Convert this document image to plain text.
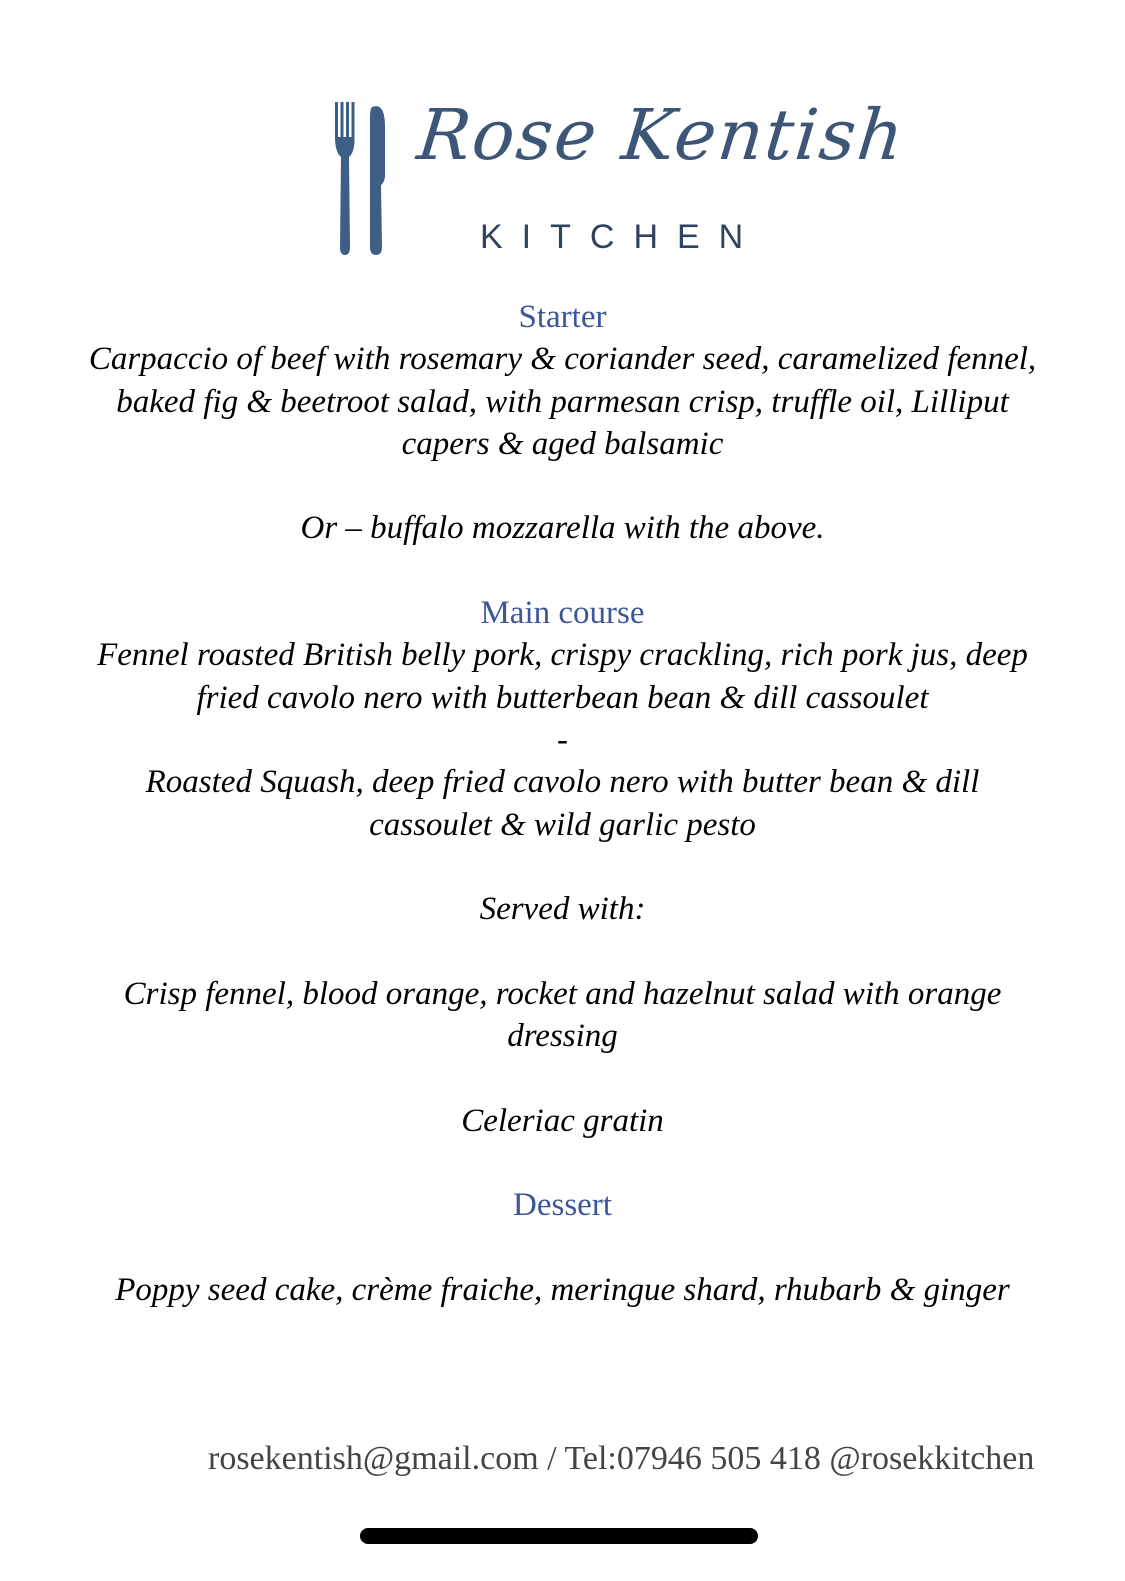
Rose Kentish
KITCHEN
Starter
Carpaccio of beef with rosemary & coriander seed, caramelized fennel,
baked fig & beetroot salad, with parmesan crisp, truffle oil, Lilliput
capers & aged balsamic
Or – buffalo mozzarella with the above.
Main course
Fennel roasted British belly pork, crispy crackling, rich pork jus, deep
fried cavolo nero with butterbean bean & dill cassoulet
-
Roasted Squash, deep fried cavolo nero with butter bean & dill
cassoulet & wild garlic pesto
Served with:
Crisp fennel, blood orange, rocket and hazelnut salad with orange
dressing
Celeriac gratin
Dessert
Poppy seed cake, crème fraiche, meringue shard, rhubarb & ginger
rosekentish@gmail.com / Tel:07946 505 418 @rosekkitchen
